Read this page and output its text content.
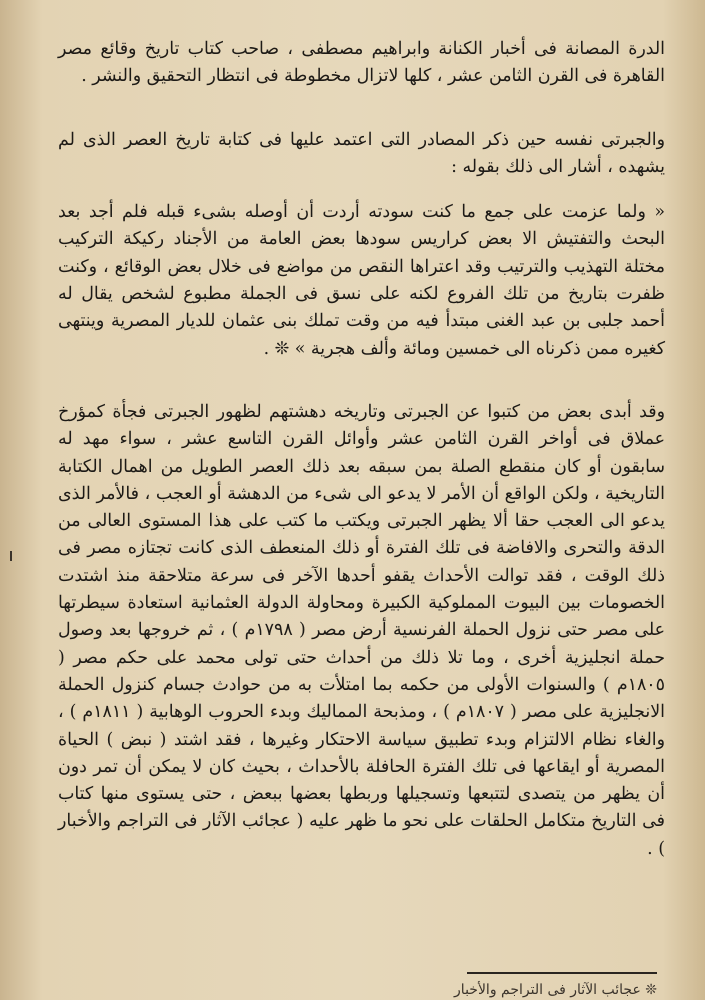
الدرة المصانة فى أخبار الكنانة وابراهيم مصطفى ، صاحب كتاب تاريخ وقائع مصر القاهرة فى القرن الثامن عشر ، كلها لاتزال مخطوطة فى انتظار التحقيق والنشر .

والجبرتى نفسه حين ذكر المصادر التى اعتمد عليها فى كتابة تاريخ العصر الذى لم يشهده ، أشار الى ذلك بقوله :

« ولما عزمت على جمع ما كنت سودته أردت أن أوصله بشىء قبله فلم أجد بعد البحث والتفتيش الا بعض كراريس سودها بعض العامة من الأجناد ركيكة التركيب مختلة التهذيب والترتيب وقد اعتراها النقص من مواضع فى خلال بعض الوقائع ، وكنت ظفرت بتاريخ من تلك الفروع لكنه على نسق فى الجملة مطبوع لشخص يقال له أحمد جلبى بن عبد الغنى مبتدأ فيه من وقت تملك بنى عثمان للديار المصرية وينتهى كغيره ممن ذكرناه الى خمسين ومائة وألف هجرية » ❊ .

وقد أبدى بعض من كتبوا عن الجبرتى وتاريخه دهشتهم لظهور الجبرتى فجأة كمؤرخ عملاق فى أواخر القرن الثامن عشر وأوائل القرن التاسع عشر ، سواء مهد له سابقون أو كان منقطع الصلة بمن سبقه بعد ذلك العصر الطويل من اهمال الكتابة التاريخية ، ولكن الواقع أن الأمر لا يدعو الى شىء من الدهشة أو العجب ، فالأمر الذى يدعو الى العجب حقا ألا يظهر الجبرتى ويكتب ما كتب على هذا المستوى العالى من الدقة والتحرى والافاضة فى تلك الفترة أو ذلك المنعطف الذى كانت تجتازه مصر فى ذلك الوقت ، فقد توالت الأحداث يقفو أحدها الآخر فى سرعة متلاحقة منذ اشتدت الخصومات بين البيوت المملوكية الكبيرة ومحاولة الدولة العثمانية استعادة سيطرتها على مصر حتى نزول الحملة الفرنسية أرض مصر ( ١٧٩٨م ) ، ثم خروجها بعد وصول حملة انجليزية أخرى ، وما تلا ذلك من أحداث حتى تولى محمد على حكم مصر ( ١٨٠٥م ) والسنوات الأولى من حكمه بما امتلأت به من حوادث جسام كنزول الحملة الانجليزية على مصر ( ١٨٠٧م ) ، ومذبحة المماليك وبدء الحروب الوهابية ( ١٨١١م ) ، والغاء نظام الالتزام وبدء تطبيق سياسة الاحتكار وغيرها ، فقد اشتد ( نبض ) الحياة المصرية أو ايقاعها فى تلك الفترة الحافلة بالأحداث ، بحيث كان لا يمكن أن تمر دون أن يظهر من يتصدى لتتبعها وتسجيلها وربطها بعضها ببعض ، حتى يستوى منها كتاب فى التاريخ متكامل الحلقات على نحو ما ظهر عليه ( عجائب الآثار فى التراجم والأخبار ) .

❊ عجائب الآثار فى التراجم والأخبار
